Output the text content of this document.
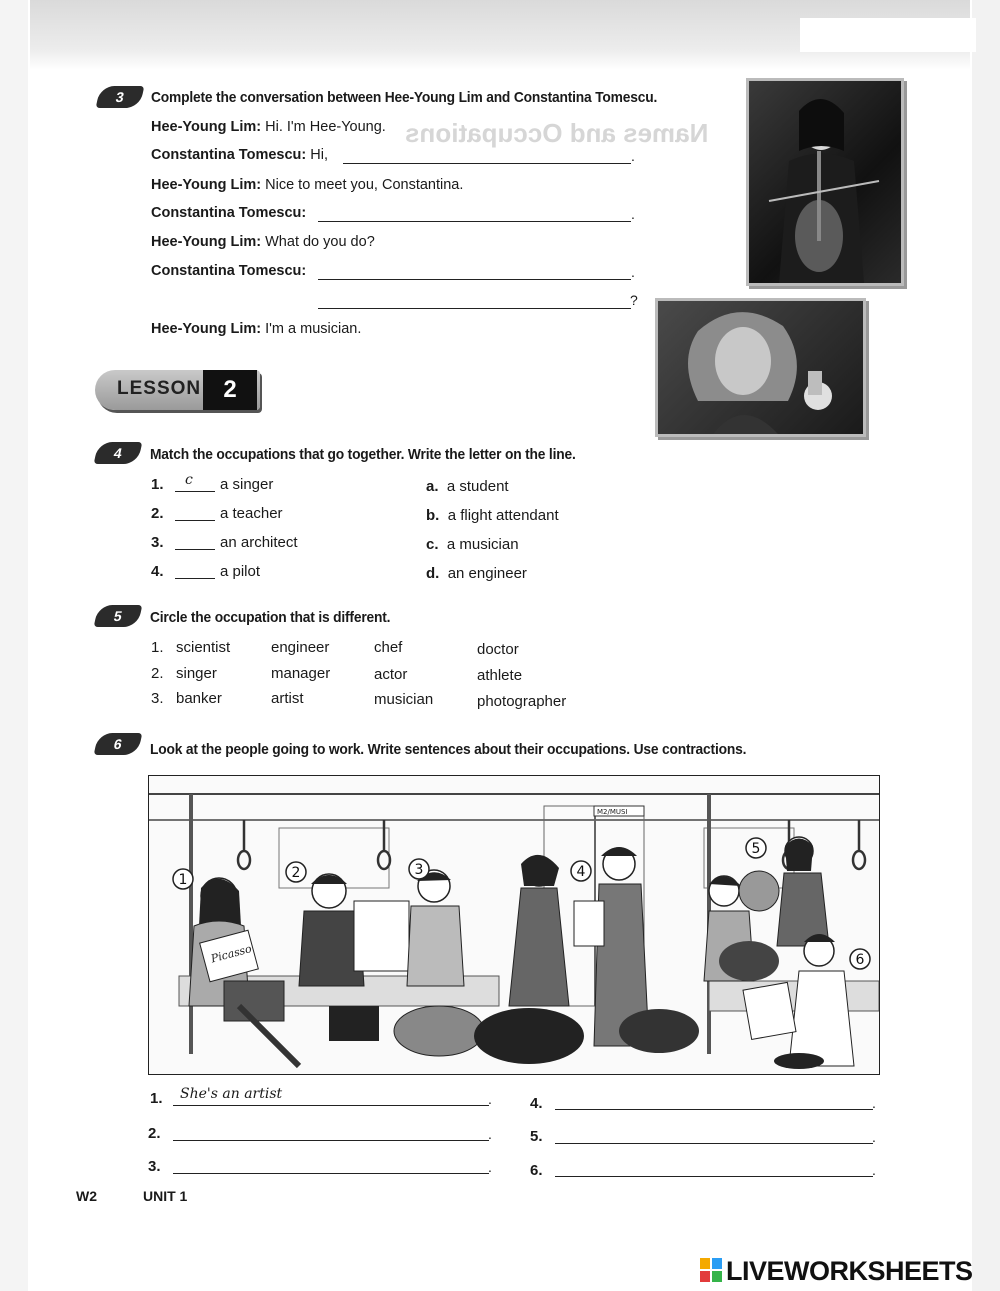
Names and Occupations
3	Complete the conversation between Hee-Young Lim and Constantina Tomescu.
Hee-Young Lim: Hi. I'm Hee-Young.
Constantina Tomescu: Hi,	.
Hee-Young Lim: Nice to meet you, Constantina.
Constantina Tomescu:	.
Hee-Young Lim: What do you do?
Constantina Tomescu:	.
?
Hee-Young Lim: I'm a musician.
LESSON 2
4	Match the occupations that go together. Write the letter on the line.
1. c a singer
2.	a teacher
3.	an architect
4.	a pilot
a. a student
b. a flight attendant
c. a musician
d. an engineer
5	Circle the occupation that is different.
1. scientist	engineer	chef	doctor
2. singer	manager	actor	athlete
3. banker	artist	musician	photographer
6	Look at the people going to work. Write sentences about their occupations. Use contractions.
M2/MUSI
Picasso
1	2	3	4
5
6
1. She's an artist	.
2.	.
3.	.
4.	.
5.	.
6.	.
W2	UNIT 1
LIVEWORKSHEETS
